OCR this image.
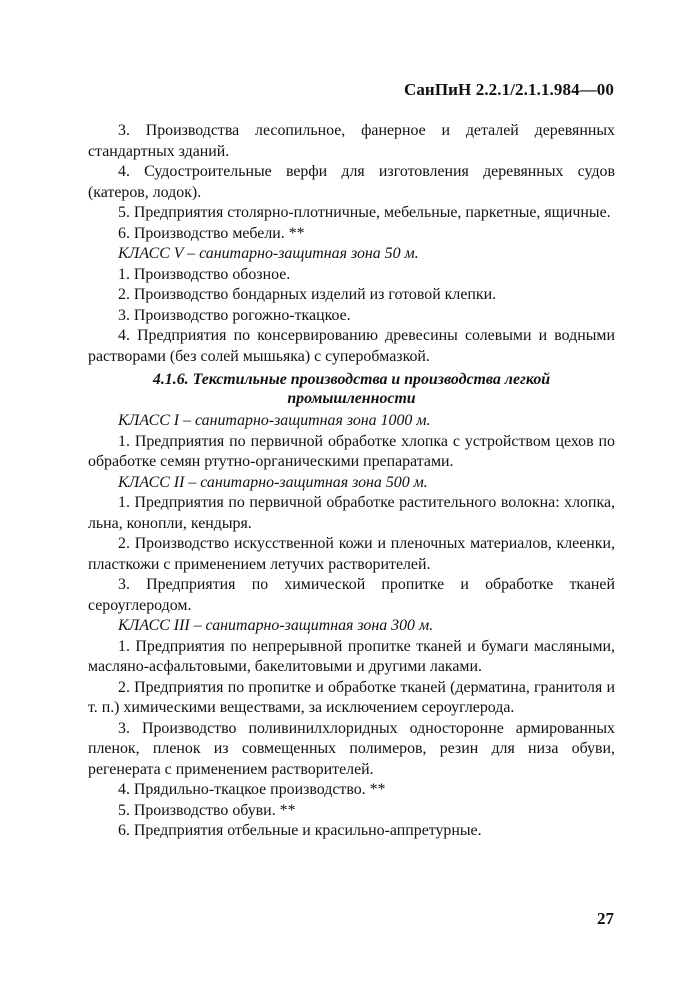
СанПиН 2.2.1/2.1.1.984—00

3. Производства лесопильное, фанерное и деталей деревянных стандартных зданий.

4. Судостроительные верфи для изготовления деревянных судов (катеров, лодок).

5. Предприятия столярно-плотничные, мебельные, паркетные, ящичные.

6. Производство мебели. **

КЛАСС V – санитарно-защитная зона 50 м.

1. Производство обозное.

2. Производство бондарных изделий из готовой клепки.

3. Производство рогожно-ткацкое.

4. Предприятия по консервированию древесины солевыми и водными растворами (без солей мышьяка) с суперобмазкой.

4.1.6. Текстильные производства и производства легкой промышленности

КЛАСС I – санитарно-защитная зона 1000 м.

1. Предприятия по первичной обработке хлопка с устройством цехов по обработке семян ртутно-органическими препаратами.

КЛАСС II – санитарно-защитная зона 500 м.

1. Предприятия по первичной обработке растительного волокна: хлопка, льна, конопли, кендыря.

2. Производство искусственной кожи и пленочных материалов, клеенки, пласткожи с применением летучих растворителей.

3. Предприятия по химической пропитке и обработке тканей сероуглеродом.

КЛАСС III – санитарно-защитная зона 300 м.

1. Предприятия по непрерывной пропитке тканей и бумаги масляными, масляно-асфальтовыми, бакелитовыми и другими лаками.

2. Предприятия по пропитке и обработке тканей (дерматина, гранитоля и т. п.) химическими веществами, за исключением сероуглерода.

3. Производство поливинилхлоридных односторонне армированных пленок, пленок из совмещенных полимеров, резин для низа обуви, регенерата с применением растворителей.

4. Прядильно-ткацкое производство. **

5. Производство обуви. **

6. Предприятия отбельные и красильно-аппретурные.

27
